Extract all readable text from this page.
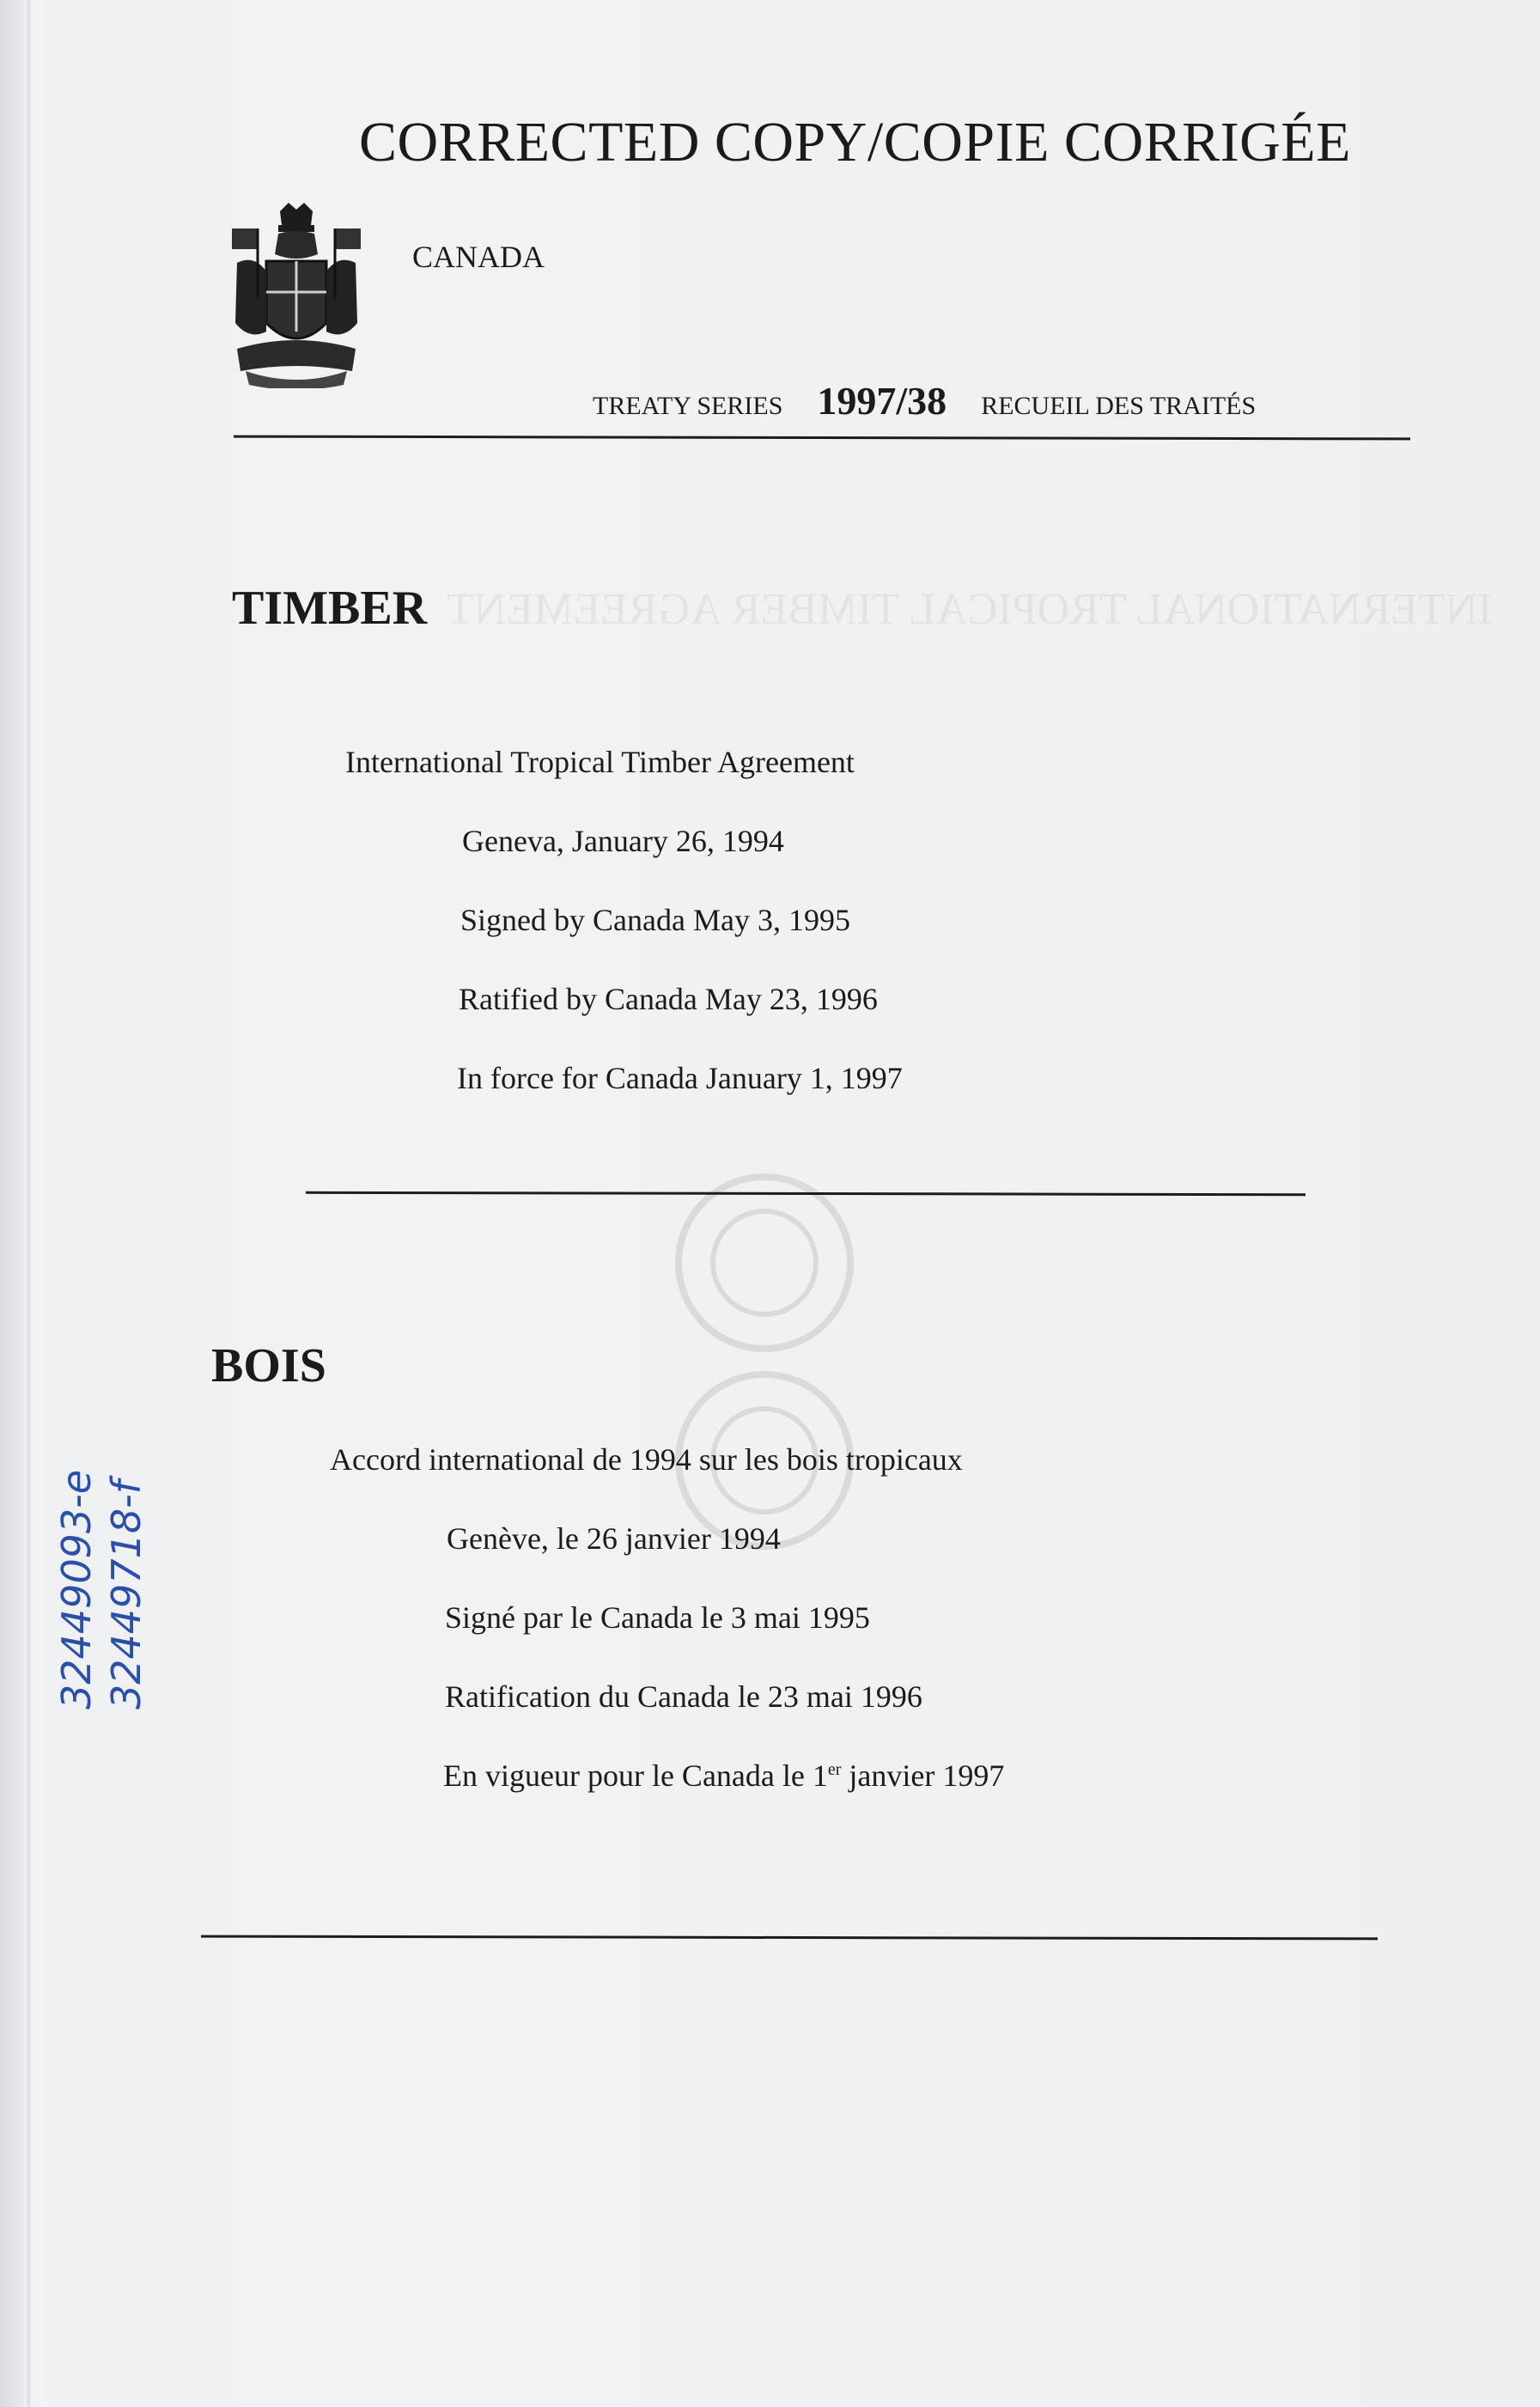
INTERNATIONAL TROPICAL TIMBER AGREEMENT
CORRECTED COPY/COPIE CORRIGÉE
CANADA
TREATY SERIES 1997/38 RECUEIL DES TRAITÉS
TIMBER
International Tropical Timber Agreement
Geneva, January 26, 1994
Signed by Canada May 3, 1995
Ratified by Canada May 23, 1996
In force for Canada January 1, 1997
BOIS
Accord international de 1994 sur les bois tropicaux
Genève, le 26 janvier 1994
Signé par le Canada le 3 mai 1995
Ratification du Canada le 23 mai 1996
En vigueur pour le Canada le 1er janvier 1997
32449093-e 32449718-f
